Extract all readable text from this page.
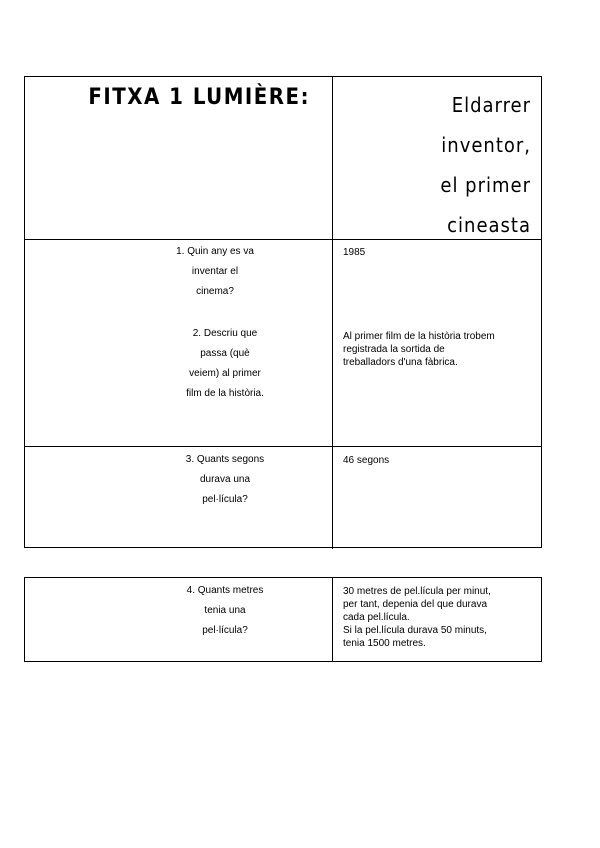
FITXA 1 LUMIÈRE:	Eldarrer
inventor,
el primer
cineasta
1. Quin any es va
inventar el
cinema?
2. Descriu que
passa (què
veiem) al primer
film de la història.

1985

Al primer film de la història trobem

registrada la sortida de

treballadors d'una fàbrica.

3. Quants segons
durava una
pel·lícula?

46 segons

4. Quants metres
tenia una
pel·lícula?

30 metres de pel.lícula per minut,

per tant, depenia del que durava

cada pel.lícula.

Si la pel.lícula durava 50 minuts,

tenia 1500 metres.
